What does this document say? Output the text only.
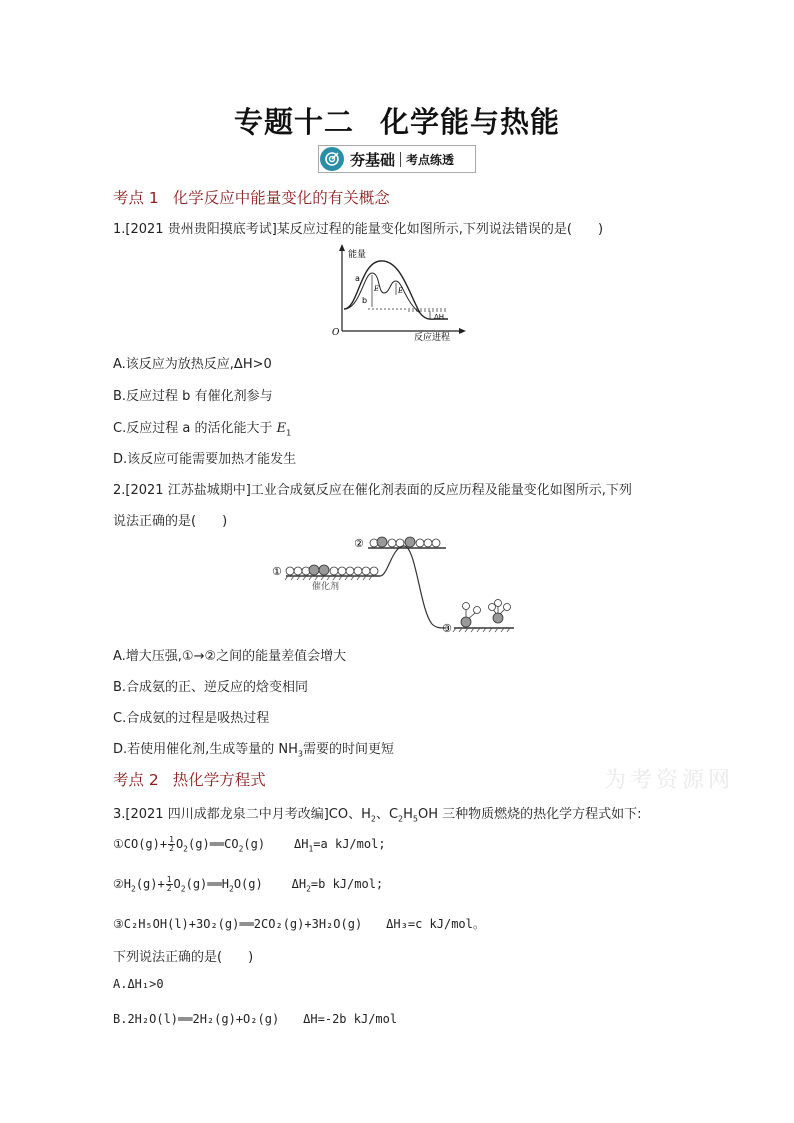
专题十二 化学能与热能
夯基础 考点练透
考点 1 化学反应中能量变化的有关概念
1.[2021 贵州贵阳摸底考试]某反应过程的能量变化如图所示,下列说法错误的是(　　)
能量
反应进程
O
a
b
E	E
ΔH
A.该反应为放热反应,ΔH>0
B.反应过程 b 有催化剂参与
C.反应过程 a 的活化能大于 $E_1$
D.该反应可能需要加热才能发生
2.[2021 江苏盐城期中]工业合成氨反应在催化剂表面的反应历程及能量变化如图所示,下列
说法正确的是(　　)
①
②
③
催化剂
A.增大压强,①→②之间的能量差值会增大
B.合成氨的正、逆反应的焓变相同
C.合成氨的过程是吸热过程
D.若使用催化剂,生成等量的 $NH_3$需要的时间更短
考点 2 热化学方程式	为考资源网
3.[2021 四川成都龙泉二中月考改编]CO、$H_2$、$C_2H_5OH$ 三种物质燃烧的热化学方程式如下:
①CO(g)+ $\frac{1}{2}$ $O_2(g)══CO_2(g)$ $\Delta H_1=a$ kJ/mol;
$②H_2(g)+ \frac{1}{2}$ $O_2(g)══H_2O(g)$ $\Delta H_2=b$ kJ/mol;
③C₂H₅OH(l)+3O₂(g)══2CO₂(g)+3H₂O(g)　　ΔH₃=c kJ/mol。
下列说法正确的是(　　)
A.ΔH₁>0
B.2H₂O(l)══2H₂(g)+O₂(g)　　ΔH=-2b kJ/mol
